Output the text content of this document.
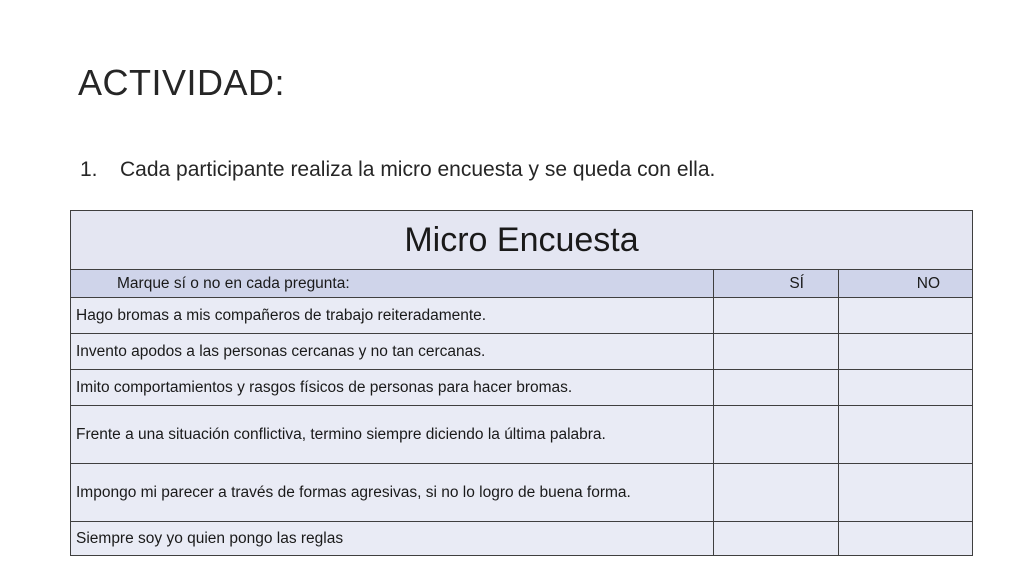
ACTIVIDAD:
1.	Cada participante realiza la micro encuesta y se queda con ella.
Micro Encuesta		
Marque sí o no en cada pregunta:	SÍ	NO
Hago bromas a mis compañeros de trabajo reiteradamente.		
Invento apodos a las personas cercanas y no tan cercanas.		
Imito comportamientos y rasgos físicos de personas para hacer bromas.		
Frente a una situación conflictiva, termino siempre diciendo la última palabra.		
Impongo mi parecer a través de formas agresivas, si no lo logro de buena forma.		
Siempre soy yo quien pongo las reglas		
